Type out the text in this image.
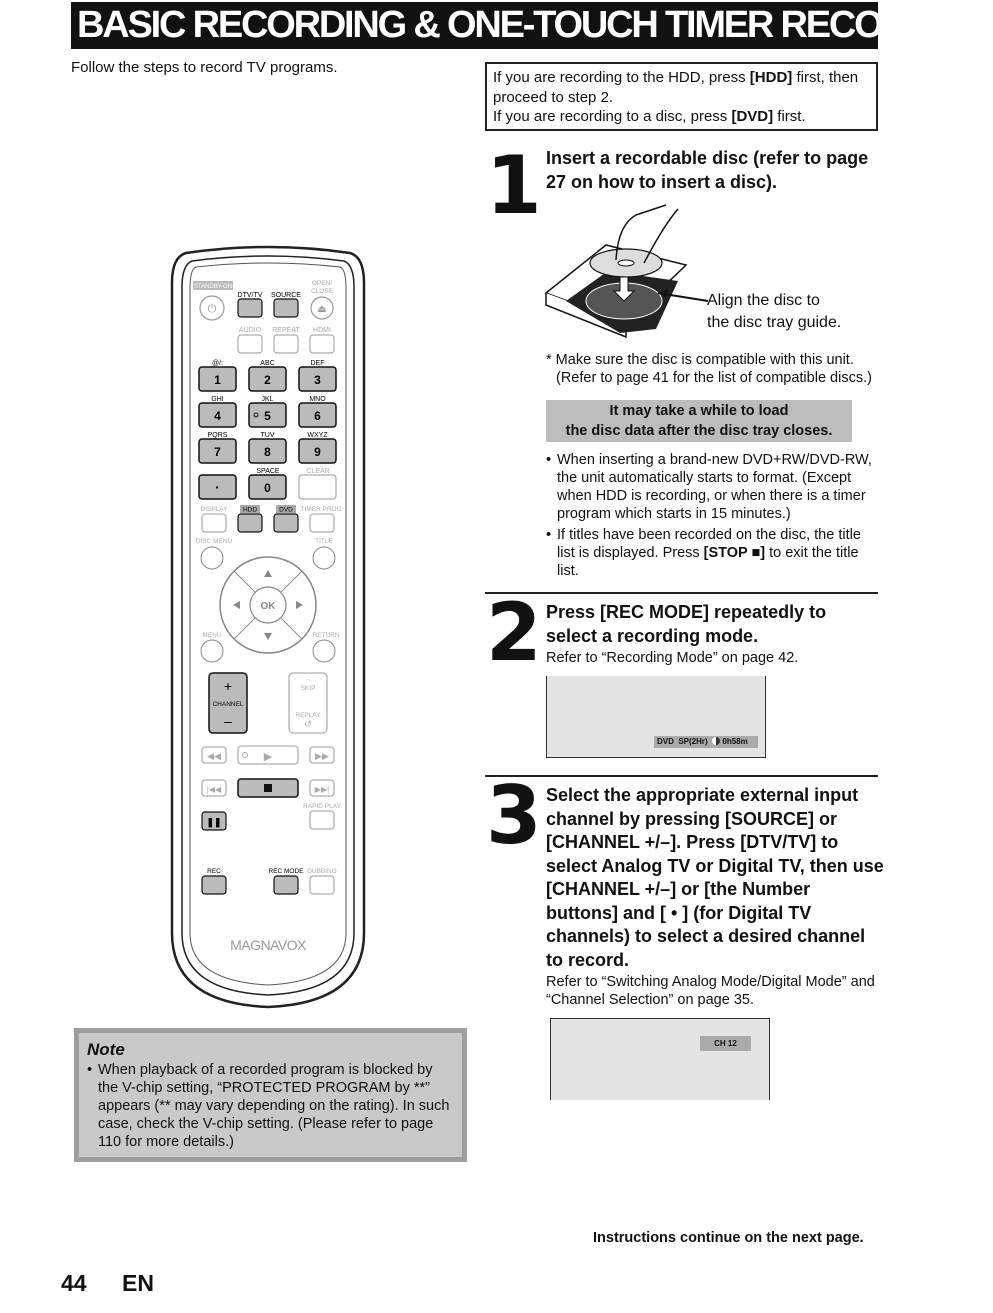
BASIC RECORDING & ONE-TOUCH TIMER RECORDING
Follow the steps to record TV programs.
If you are recording to the HDD, press [HDD] first, then proceed to step 2.
If you are recording to a disc, press [DVD] first.
STANDBY-ON
⏻
DTV/TV SOURCE
OPEN/
CLOSE
⏏
AUDIO REPEAT HDMI
@/:
1
ABC
2
DEF
3
GHI
4
JKL
5
MNO
6
PQRS
7
TUV
8
WXYZ
9
·
SPACE
0
CLEAR
DISPLAY HDD	DVD TIMER PROG.
DISC MENU	TITLE
OK
MENU	RETURN
+
CHANNEL
–
→
SKIP
REPLAY
↺
◀◀	▶	▶▶
|◀◀	▶▶|
❚❚
RAPID PLAY
REC	REC MODE DUBBING
MAGNAVOX
1 Insert a recordable disc (refer to page 27 on how to insert a disc).
Align the disc to
the disc tray guide.
* Make sure the disc is compatible with this unit.
(Refer to page 41 for the list of compatible discs.)
It may take a while to load
the disc data after the disc tray closes.
• When inserting a brand-new DVD+RW/DVD-RW, the unit automatically starts to format. (Except when HDD is recording, or when there is a timer program which starts in 15 minutes.)
• If titles have been recorded on the disc, the title list is displayed. Press [STOP ■] to exit the title list.
2 Press [REC MODE] repeatedly to select a recording mode.
Refer to “Recording Mode” on page 42.
DVD SP(2Hr) 0h58m
3 Select the appropriate external input channel by pressing [SOURCE] or [CHANNEL +/–]. Press [DTV/TV] to select Analog TV or Digital TV, then use [CHANNEL +/–] or [the Number buttons] and [ • ] (for Digital TV channels) to select a desired channel to record.
Refer to “Switching Analog Mode/Digital Mode” and “Channel Selection” on page 35.
CH 12
Note
• When playback of a recorded program is blocked by the V-chip setting, “PROTECTED PROGRAM by **” appears (** may vary depending on the rating). In such case, check the V-chip setting. (Please refer to page 110 for more details.)
Instructions continue on the next page.
44 EN
